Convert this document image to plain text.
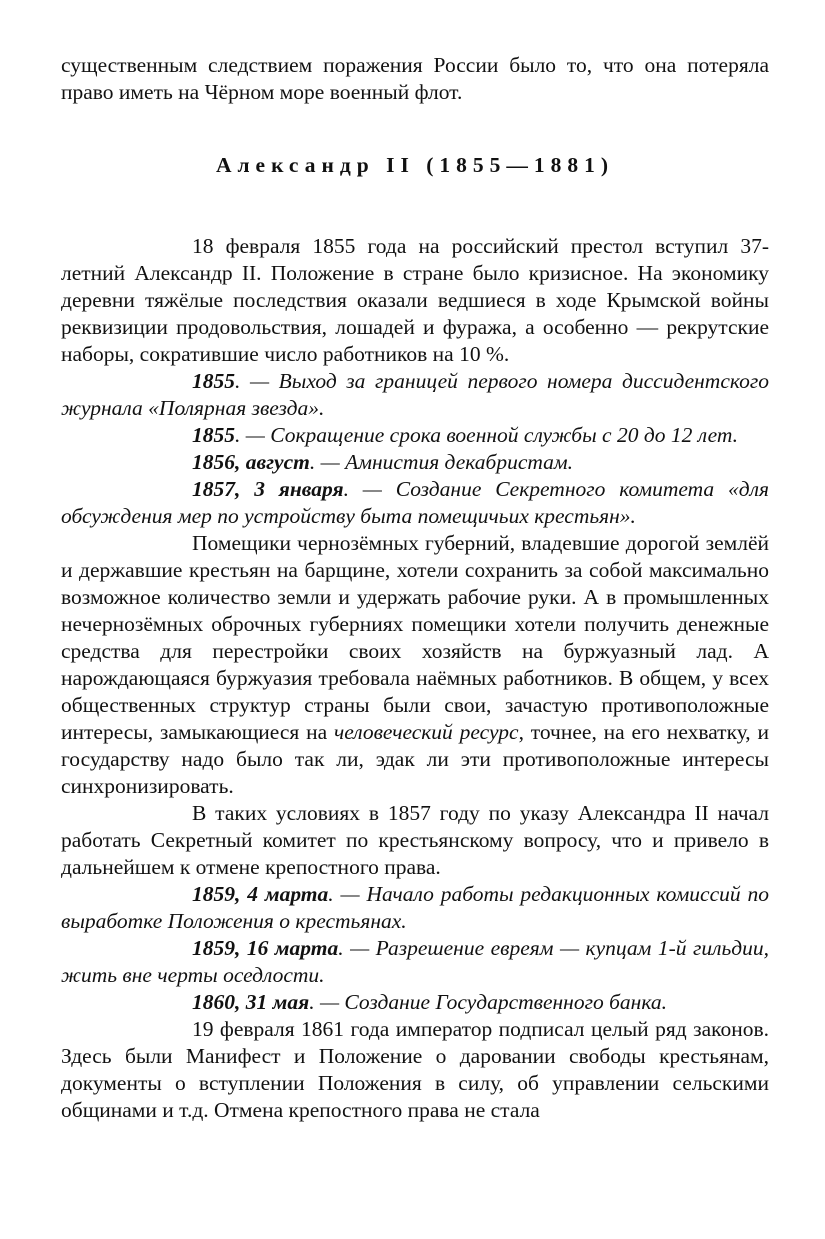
существенным следствием поражения России было то, что она потеряла право иметь на Чёрном море военный флот.

Александр II (1855—1881)

18 февраля 1855 года на российский престол вступил 37-летний Александр II. Положение в стране было кризисное. На экономику деревни тяжёлые последствия оказали ведшиеся в ходе Крымской войны реквизиции продовольствия, лошадей и фуража, а особенно — рекрутские наборы, сократившие число работников на 10 %.

1855. — Выход за границей первого номера диссидентского журнала «Полярная звезда».

1855. — Сокращение срока военной службы с 20 до 12 лет.

1856, август. — Амнистия декабристам.

1857, 3 января. — Создание Секретного комитета «для обсуждения мер по устройству быта помещичьих крестьян».

Помещики чернозёмных губерний, владевшие дорогой землёй и державшие крестьян на барщине, хотели сохранить за собой максимально возможное количество земли и удержать рабочие руки. А в промышленных нечернозёмных оброчных губерниях помещики хотели получить денежные средства для перестройки своих хозяйств на буржуазный лад. А нарождающаяся буржуазия требовала наёмных работников. В общем, у всех общественных структур страны были свои, зачастую противоположные интересы, замыкающиеся на человеческий ресурс, точнее, на его нехватку, и государству надо было так ли, эдак ли эти противоположные интересы синхронизировать.

В таких условиях в 1857 году по указу Александра II начал работать Секретный комитет по крестьянскому вопросу, что и привело в дальнейшем к отмене крепостного права.

1859, 4 марта. — Начало работы редакционных комиссий по выработке Положения о крестьянах.

1859, 16 марта. — Разрешение евреям — купцам 1-й гильдии, жить вне черты оседлости.

1860, 31 мая. — Создание Государственного банка.

19 февраля 1861 года император подписал целый ряд законов. Здесь были Манифест и Положение о даровании свободы крестьянам, документы о вступлении Положения в силу, об управлении сельскими общинами и т.д. Отмена крепостного права не стала
